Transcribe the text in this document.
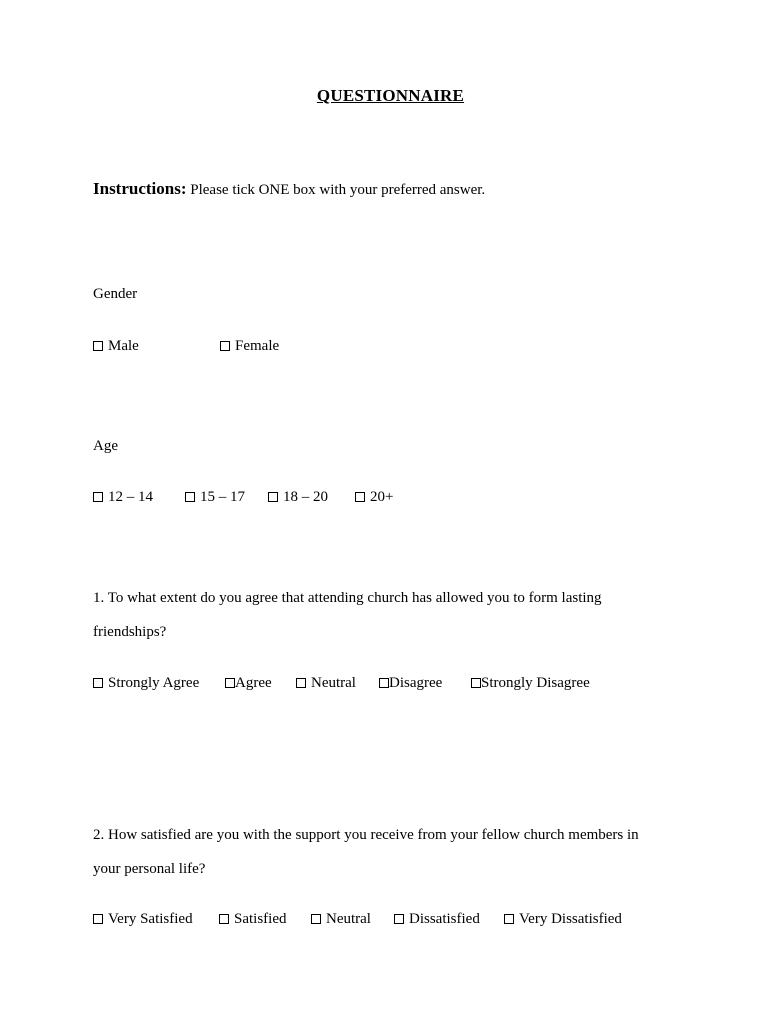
QUESTIONNAIRE
Instructions: Please tick ONE box with your preferred answer.
Gender
Male	Female
Age
12 – 14	15 – 17	18 – 20	20+
1. To what extent do you agree that attending church has allowed you to form lasting
friendships?
Strongly Agree	Agree	Neutral	Disagree	Strongly Disagree
2. How satisfied are you with the support you receive from your fellow church members in
your personal life?
Very Satisfied	Satisfied	Neutral	Dissatisfied	Very Dissatisfied
